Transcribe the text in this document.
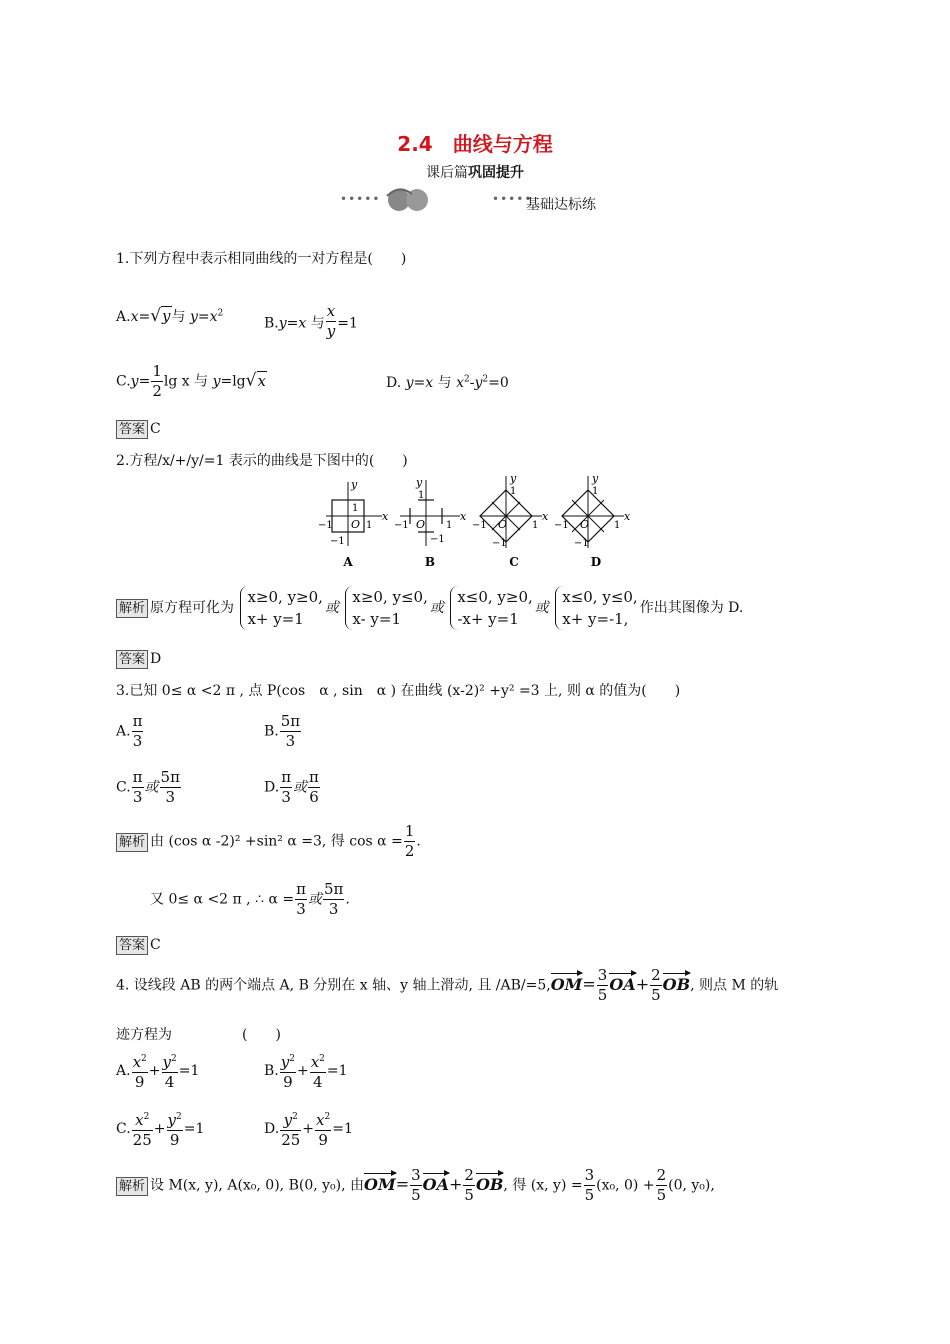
2.4　曲线与方程
课后篇巩固提升
•••••	•••••
基础达标练
1.下列方程中表示相同曲线的一对方程是(　　)
A.x=√y与 $y=x^2$
B.y=x 与 $\frac{x}{y} =1$
$C.y= \frac{1}{2}$ lg x 与 y=lg√x	D. y=x 与 $x^2-y^2=0$
答案 C
2.方程/x/+/y/=1 表示的曲线是下图中的(　　)
x
y
O
1
1
−1
−1
x
y
O
1
1
−1
−1
x
y
O
1
1
−1
−1
x
y
O
1
1
−1
−1
A	B	C	D
解析 原方程可化为
x≥0, y≥0,
x+ y=1
或
x≥0, y≤0,
x- y=1
或
x≤0, y≥0,
-x+ y=1
或
x≤0, y≤0,
x+ y=-1,
作出其图像为 D.
答案 D
3.已知 0≤ α <2 π , 点 P(cos　α , sin　α ) 在曲线 (x-2)² +y² =3 上, 则 α 的值为(　　)
A. $\frac{\pi}{3}$	B. $\frac{5\pi}{3}$
C. $\frac{\pi}{3}$ 或 $\frac{5\pi}{3}$	D. $\frac{\pi}{3}$ 或 $\frac{\pi}{6}$
解析 由 (cos α -2)² +sin² α =3, 得 $\cos \alpha = \frac{1}{2}$ .
又 0≤ α <2 π , ∴ $\alpha = \frac{\pi}{3}$ 或 $\frac{5\pi}{3}$ .
答案 C
4. 设线段 AB 的两个端点 A, B 分别在 x 轴、y 轴上滑动, 且 $/AB/=5,OM= \frac{3}{5} OA+ \frac{2}{5}$ OB, 则点 M 的轨
迹方程为　　　　　(　　)
A. $\frac{x^2}{9} + \frac{y^2}{4} =1$	B. $\frac{y^2}{9} + \frac{x^2}{4} =1$
C. $\frac{x^2}{25} + \frac{y^2}{9} =1$	D. $\frac{y^2}{25} + \frac{x^2}{9} =1$
解析 设 M(x, y), A(x₀, 0), B(0, y₀), 由$OM= \frac{3}{5} OA+ \frac{2}{5}$ OB, 得 (x, $y) = \frac{3}{5} (x_0$, $0) + \frac{2}{5} (0$, y₀),
